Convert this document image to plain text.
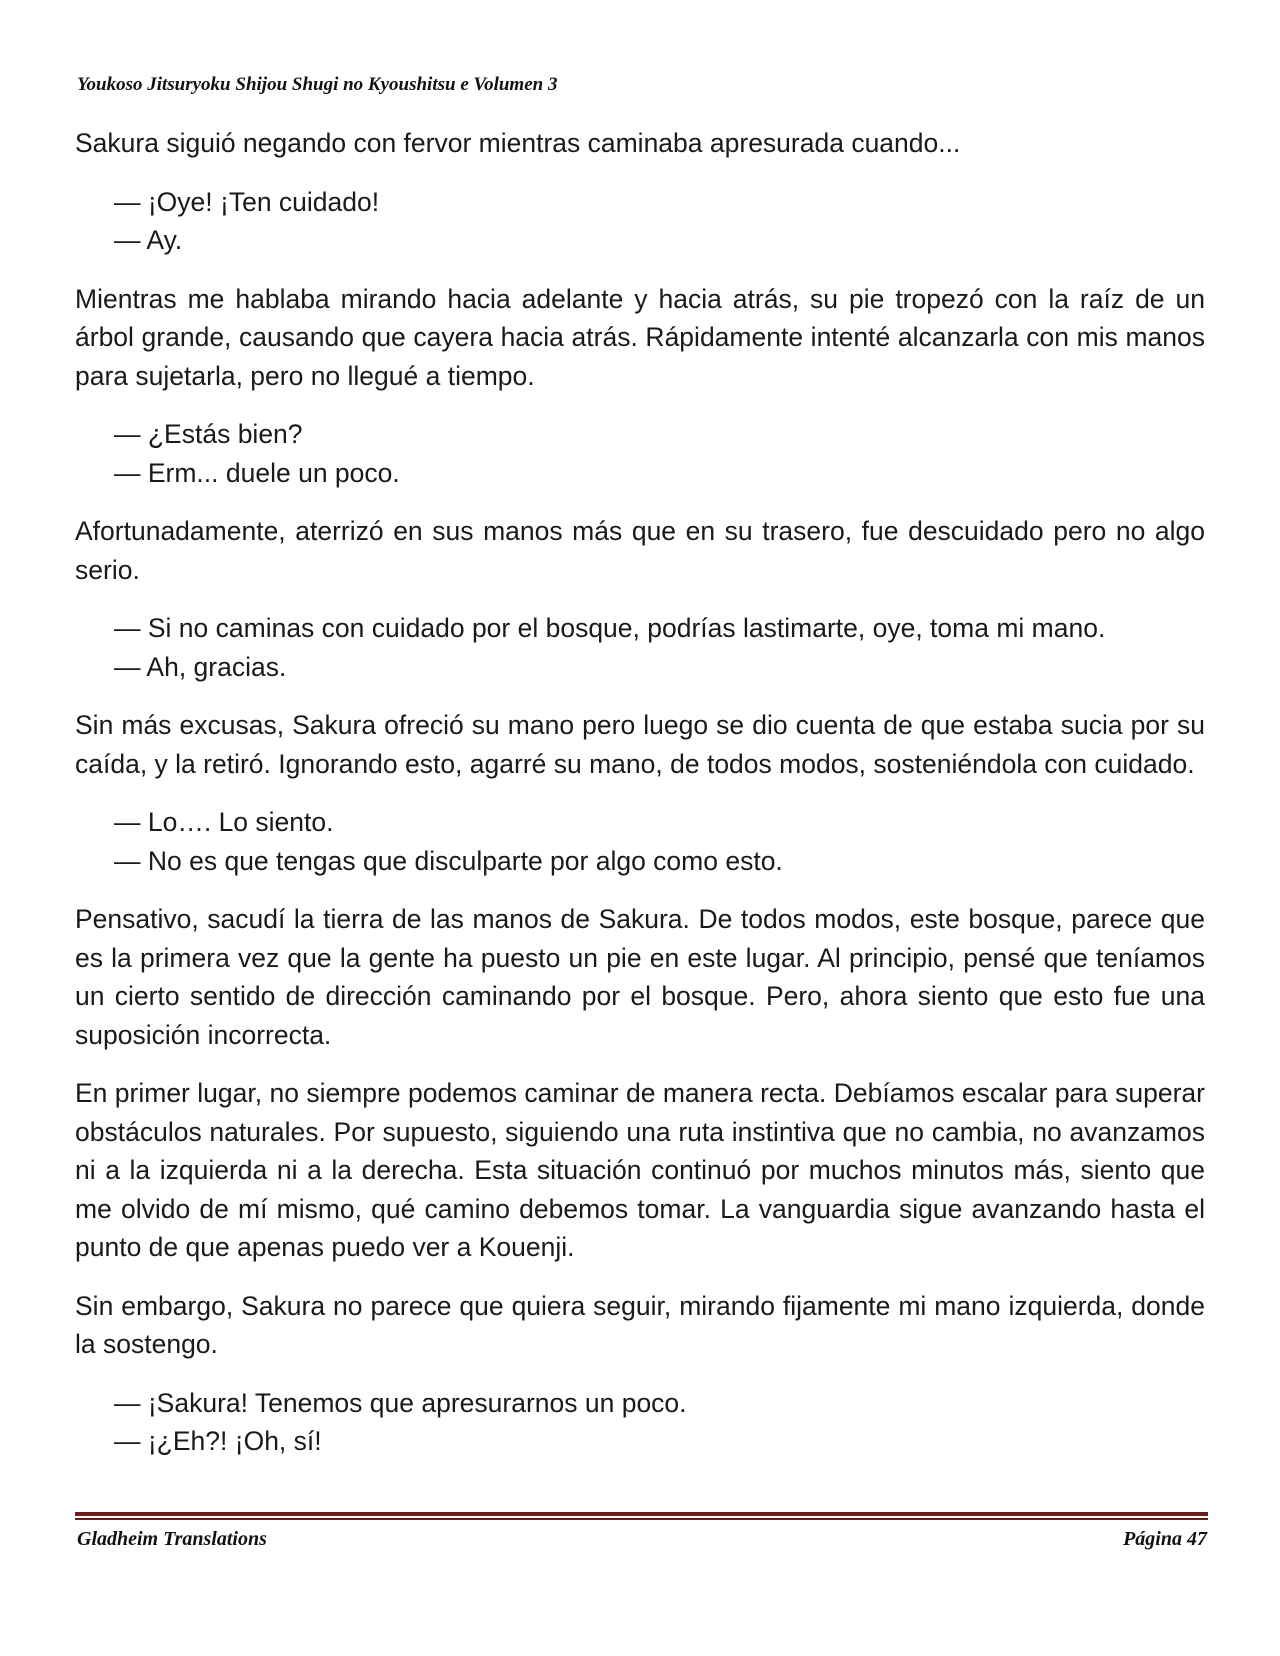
Youkoso Jitsuryoku Shijou Shugi no Kyoushitsu e Volumen 3

Sakura siguió negando con fervor mientras caminaba apresurada cuando...

— ¡Oye! ¡Ten cuidado!
— Ay.

Mientras me hablaba mirando hacia adelante y hacia atrás, su pie tropezó con la raíz de un árbol grande, causando que cayera hacia atrás. Rápidamente intenté alcanzarla con mis manos para sujetarla, pero no llegué a tiempo.

— ¿Estás bien?
— Erm... duele un poco.

Afortunadamente, aterrizó en sus manos más que en su trasero, fue descuidado pero no algo serio.

— Si no caminas con cuidado por el bosque, podrías lastimarte, oye, toma mi mano.
— Ah, gracias.

Sin más excusas, Sakura ofreció su mano pero luego se dio cuenta de que estaba sucia por su caída, y la retiró. Ignorando esto, agarré su mano, de todos modos, sosteniéndola con cuidado.

— Lo…. Lo siento.
— No es que tengas que disculparte por algo como esto.

Pensativo, sacudí la tierra de las manos de Sakura. De todos modos, este bosque, parece que es la primera vez que la gente ha puesto un pie en este lugar. Al principio, pensé que teníamos un cierto sentido de dirección caminando por el bosque. Pero, ahora siento que esto fue una suposición incorrecta.

En primer lugar, no siempre podemos caminar de manera recta. Debíamos escalar para superar obstáculos naturales. Por supuesto, siguiendo una ruta instintiva que no cambia, no avanzamos ni a la izquierda ni a la derecha. Esta situación continuó por muchos minutos más, siento que me olvido de mí mismo, qué camino debemos tomar. La vanguardia sigue avanzando hasta el punto de que apenas puedo ver a Kouenji.

Sin embargo, Sakura no parece que quiera seguir, mirando fijamente mi mano izquierda, donde la sostengo.

— ¡Sakura! Tenemos que apresurarnos un poco.
— ¡¿Eh?! ¡Oh, sí!
Gladheim Translations	Página 47
